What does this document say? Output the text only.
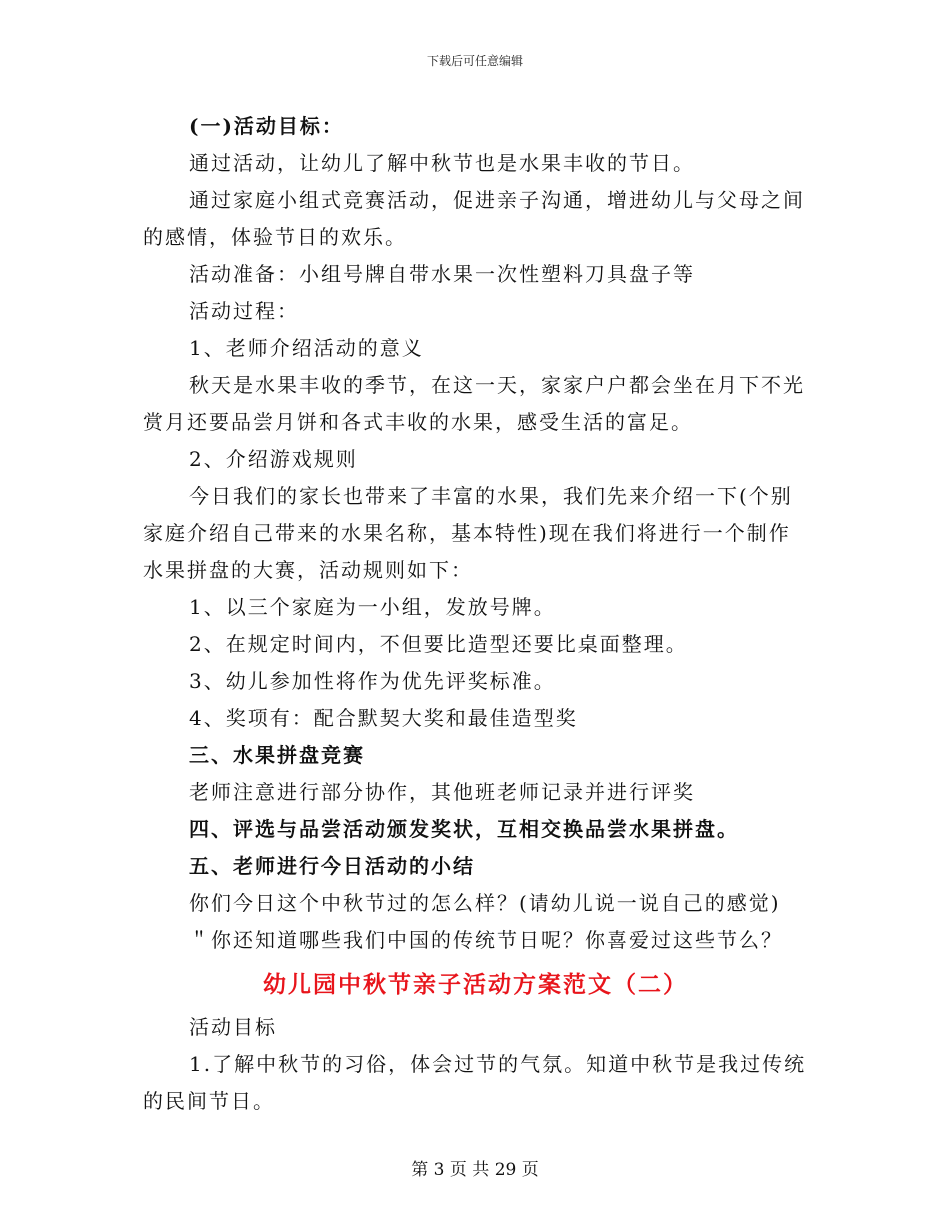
下载后可任意编辑

(一)活动目标：

通过活动，让幼儿了解中秋节也是水果丰收的节日。

通过家庭小组式竞赛活动，促进亲子沟通，增进幼儿与父母之间的感情，体验节日的欢乐。

活动准备：小组号牌自带水果一次性塑料刀具盘子等

活动过程：

1、老师介绍活动的意义

秋天是水果丰收的季节，在这一天，家家户户都会坐在月下不光赏月还要品尝月饼和各式丰收的水果，感受生活的富足。

2、介绍游戏规则

今日我们的家长也带来了丰富的水果，我们先来介绍一下(个别家庭介绍自己带来的水果名称，基本特性)现在我们将进行一个制作水果拼盘的大赛，活动规则如下：

1、以三个家庭为一小组，发放号牌。

2、在规定时间内，不但要比造型还要比桌面整理。

3、幼儿参加性将作为优先评奖标准。

4、奖项有：配合默契大奖和最佳造型奖

三、水果拼盘竞赛

老师注意进行部分协作，其他班老师记录并进行评奖

四、评选与品尝活动颁发奖状，互相交换品尝水果拼盘。

五、老师进行今日活动的小结

你们今日这个中秋节过的怎么样？(请幼儿说一说自己的感觉)

＂你还知道哪些我们中国的传统节日呢？你喜爱过这些节么？

幼儿园中秋节亲子活动方案范文（二）

活动目标

1.了解中秋节的习俗，体会过节的气氛。知道中秋节是我过传统的民间节日。

第 3 页 共 29 页
